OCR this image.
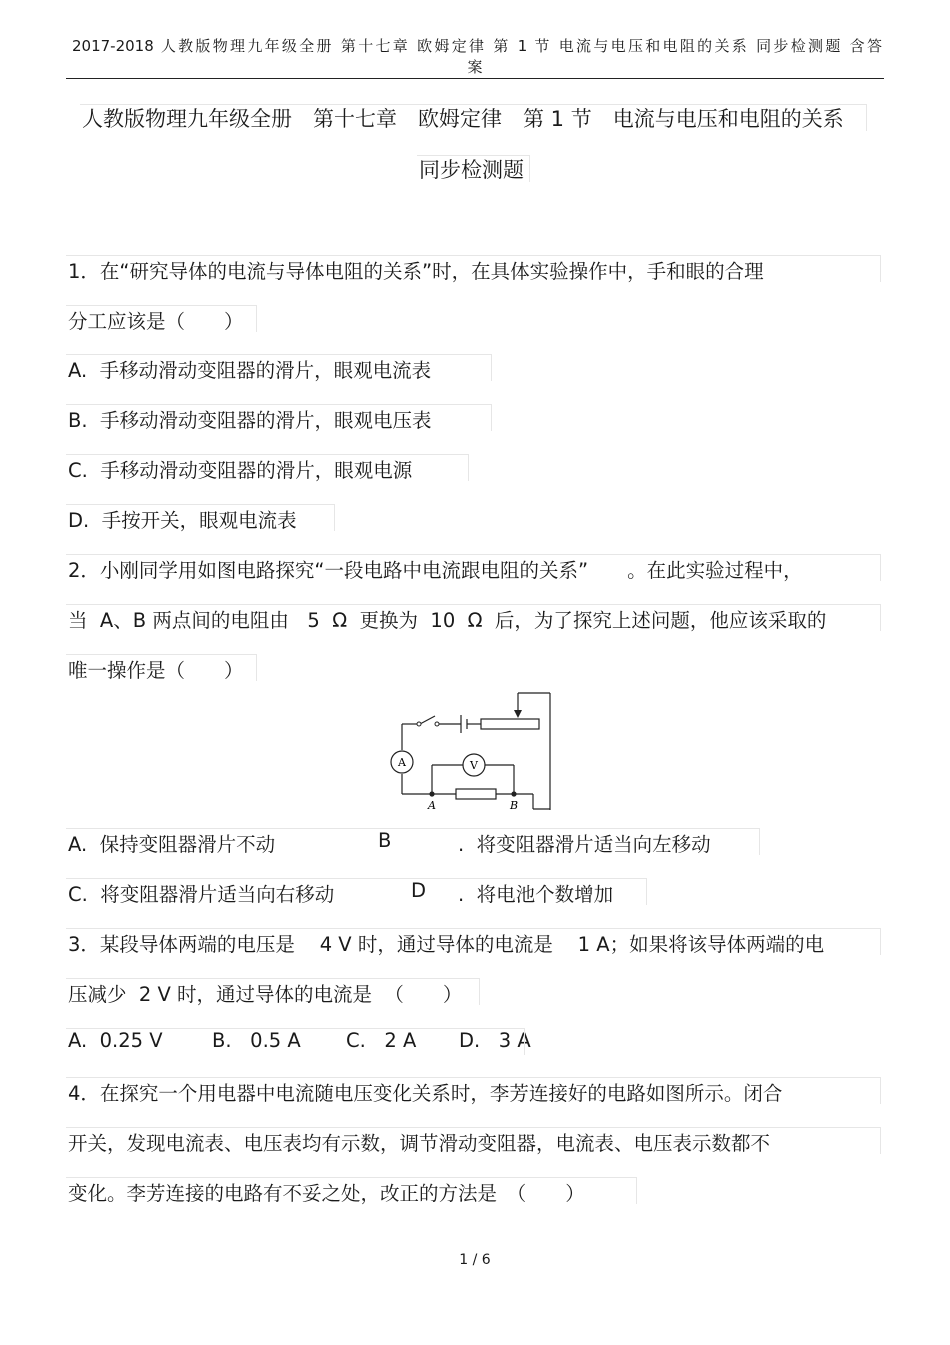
2017-2018 人教版物理九年级全册 第十七章 欧姆定律 第 1 节 电流与电压和电阻的关系 同步检测题 含答
案
人教版物理九年级全册　第十七章　欧姆定律　第 1 节　电流与电压和电阻的关系
同步检测题
1．在“研究导体的电流与导体电阻的关系”时，在具体实验操作中，手和眼的合理
分工应该是（　　）
A.  手移动滑动变阻器的滑片，眼观电流表
B.  手移动滑动变阻器的滑片，眼观电压表
C.  手移动滑动变阻器的滑片，眼观电源
D.  手按开关，眼观电流表
2．小刚同学用如图电路探究“一段电路中电流跟电阻的关系”　　。在此实验过程中，
当  A、B 两点间的电阻由   5  Ω  更换为  10  Ω  后，为了探究上述问题，他应该采取的
唯一操作是（　　）
A	V
A	B
A.  保持变阻器滑片不动	B	.  将变阻器滑片适当向左移动
C.  将变阻器滑片适当向右移动	D .  将电池个数增加
3．某段导体两端的电压是    4 V 时，通过导体的电流是    1 A；如果将该导体两端的电
压减少  2 V 时，通过导体的电流是  （　　）
A.  0.25 V	B.   0.5 A C.   2 A D.   3 A
4．在探究一个用电器中电流随电压变化关系时，李芳连接好的电路如图所示。闭合
开关，发现电流表、电压表均有示数，调节滑动变阻器，电流表、电压表示数都不
变化。李芳连接的电路有不妥之处，改正的方法是　（　　）
1 / 6
